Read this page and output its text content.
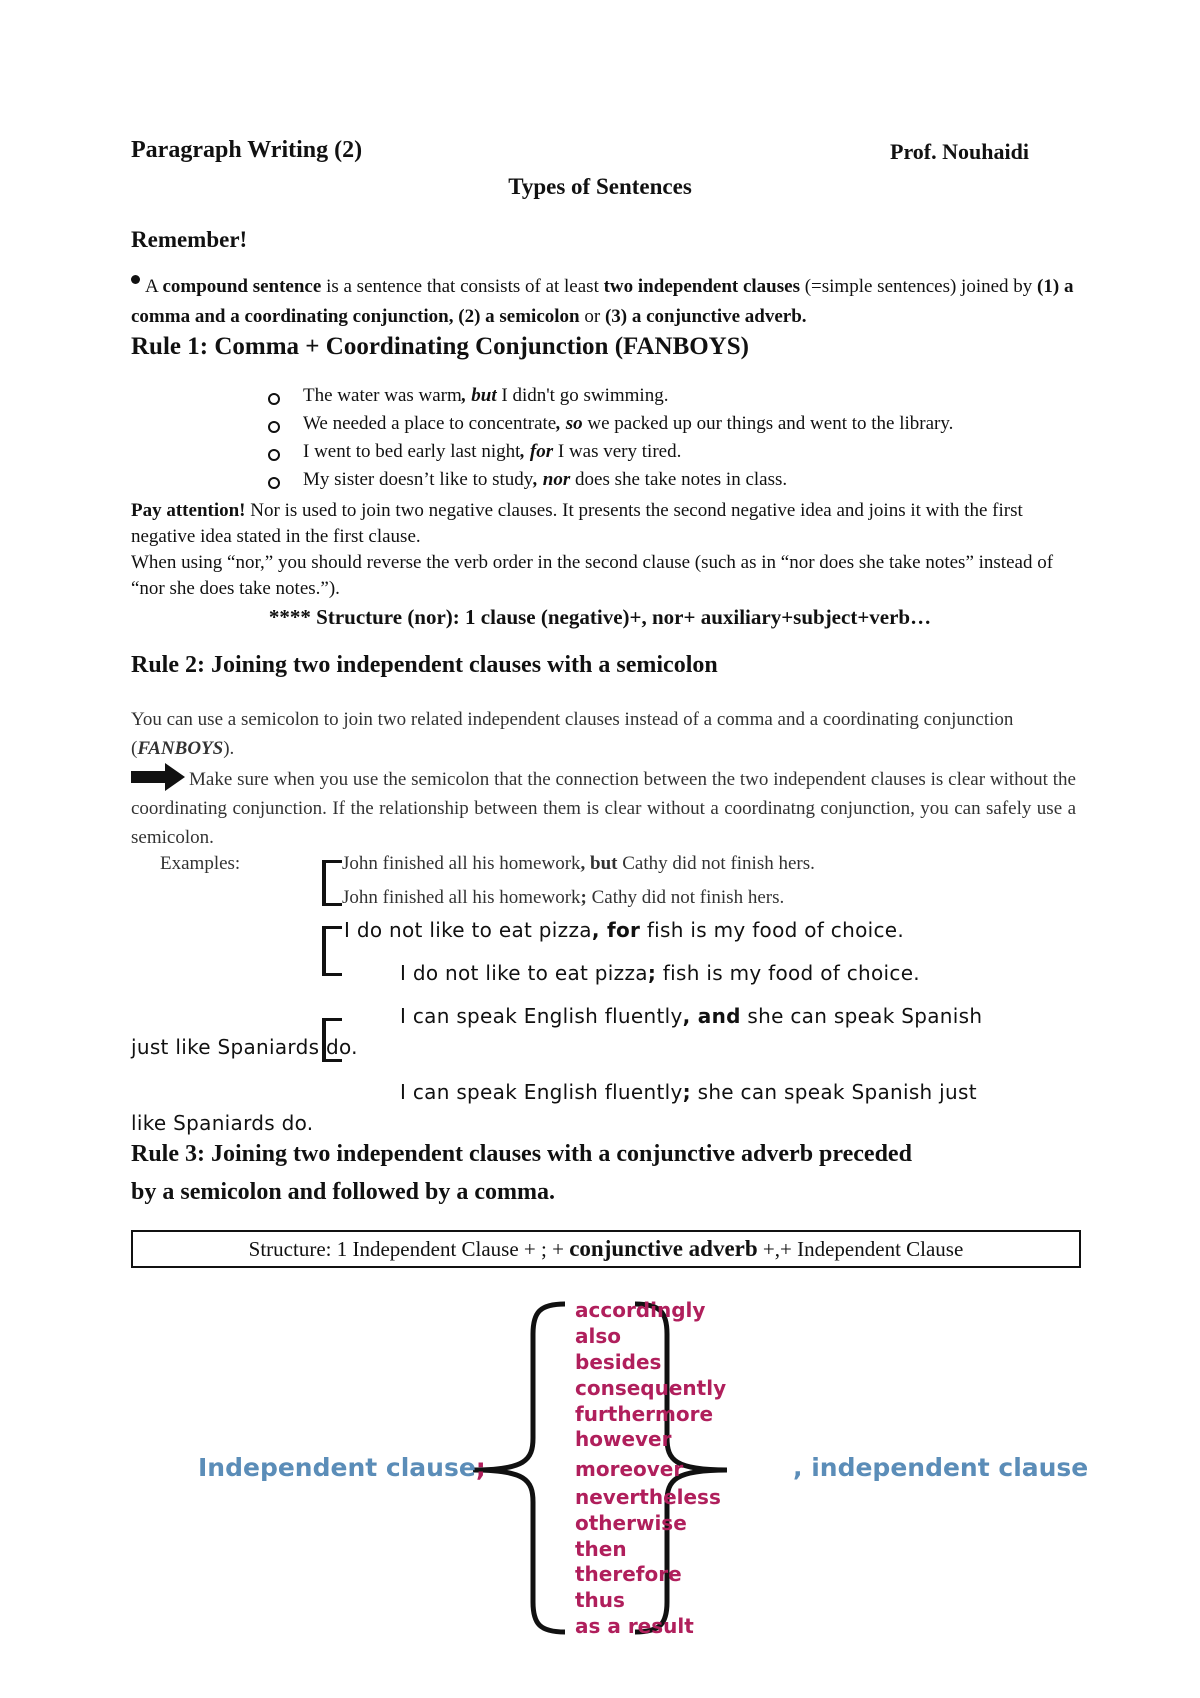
Paragraph Writing (2)	Prof. Nouhaidi
Types of Sentences
Remember!
A compound sentence is a sentence that consists of at least two independent clauses (=simple sentences) joined by (1) a comma and a coordinating conjunction, (2) a semicolon or (3) a conjunctive adverb.
Rule 1: Comma + Coordinating Conjunction (FANBOYS)
The water was warm, but I didn't go swimming.
We needed a place to concentrate, so we packed up our things and went to the library.
I went to bed early last night, for I was very tired.
My sister doesn’t like to study, nor does she take notes in class.
Pay attention! Nor is used to join two negative clauses. It presents the second negative idea and joins it with the first negative idea stated in the first clause.
When using “nor,” you should reverse the verb order in the second clause (such as in “nor does she take notes” instead of “nor she does take notes.”).
**** Structure (nor): 1 clause (negative)+, nor+ auxiliary+subject+verb…
Rule 2: Joining two independent clauses with a semicolon
You can use a semicolon to join two related independent clauses instead of a comma and a coordinating conjunction (FANBOYS).
Make sure when you use the semicolon that the connection between the two independent clauses is clear without the coordinating conjunction. If the relationship between them is clear without a coordinatng conjunction, you can safely use a semicolon.
Examples:	John finished all his homework, but Cathy did not finish hers.
John finished all his homework; Cathy did not finish hers.
I do not like to eat pizza, for fish is my food of choice.
I do not like to eat pizza; fish is my food of choice.
I can speak English fluently, and she can speak Spanish
just like Spaniards do.
I can speak English fluently; she can speak Spanish just
like Spaniards do.
Rule 3: Joining two independent clauses with a conjunctive adverb preceded
by a semicolon and followed by a comma.
Structure: 1 Independent Clause + ; + conjunctive adverb +,+ Independent Clause
Independent clause;	, independent clause
accordingly
also
besides
consequently
furthermore
however
moreover
nevertheless
otherwise
then
therefore
thus
as a result
